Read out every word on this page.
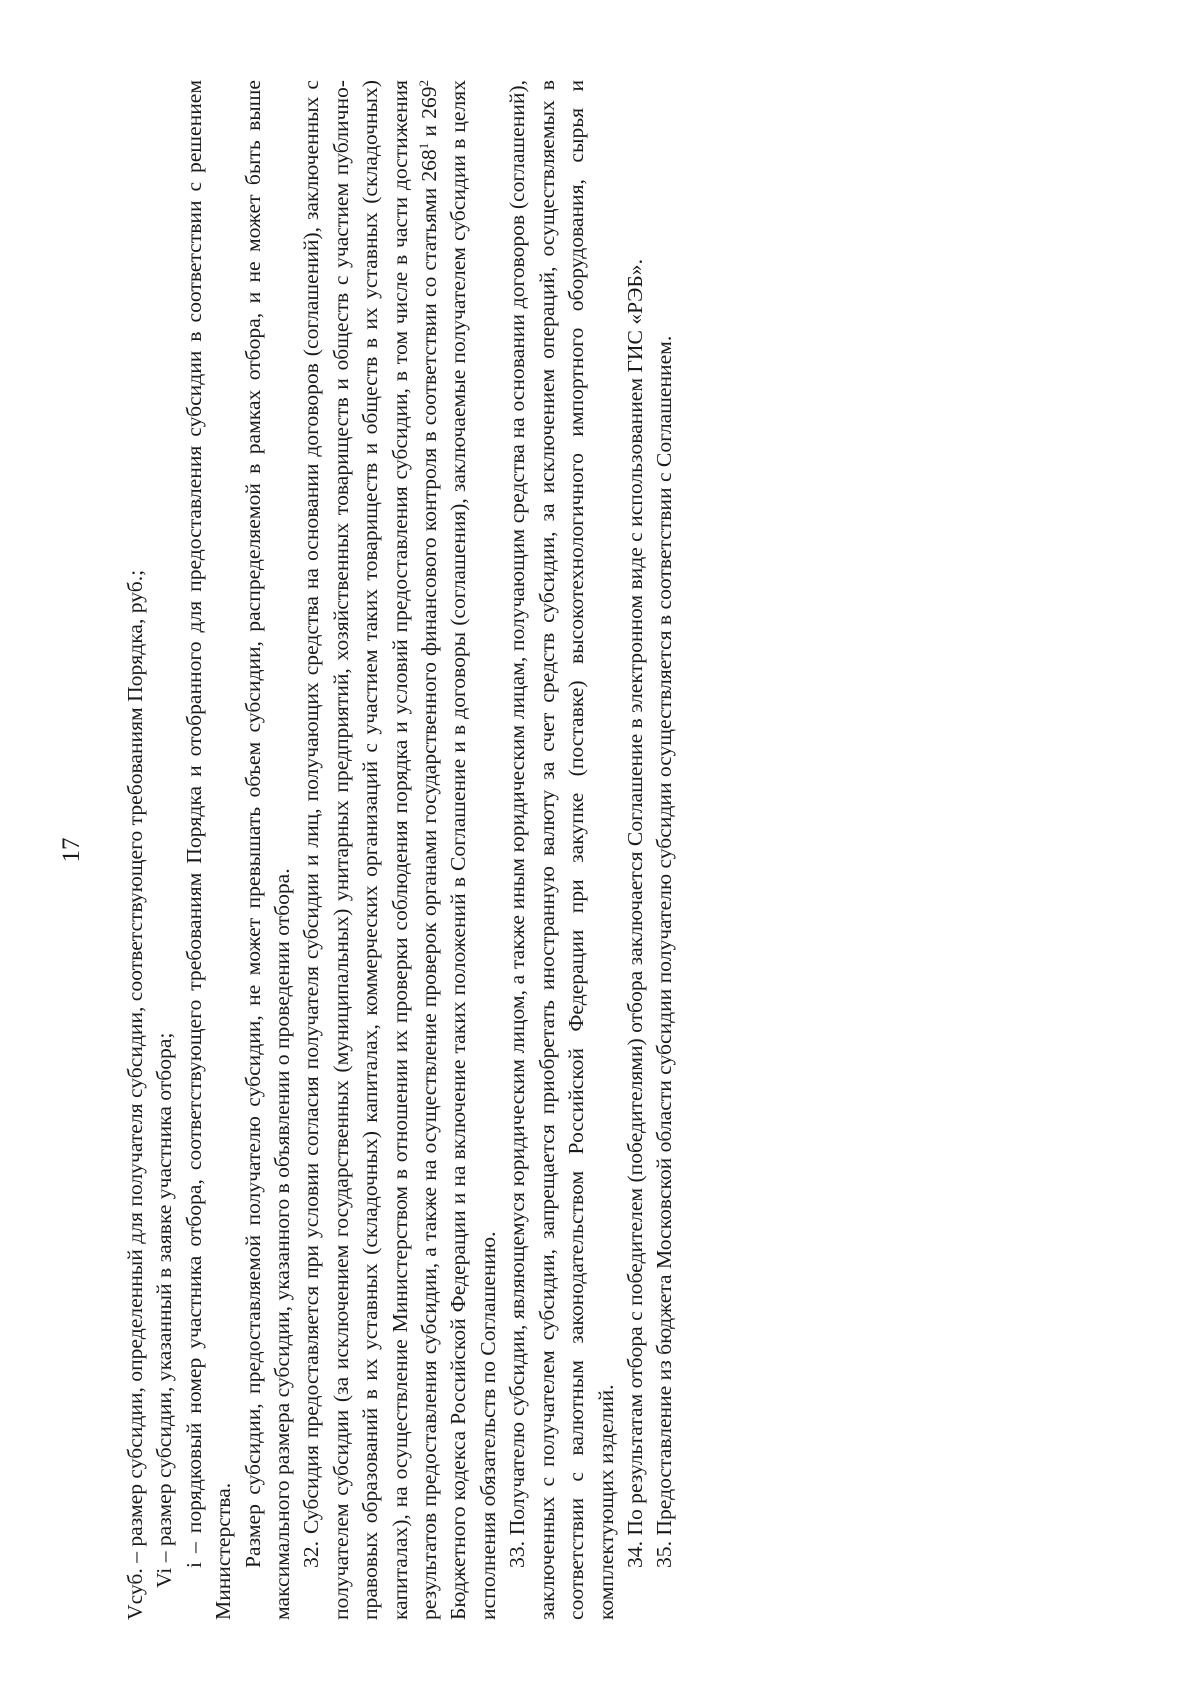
17 Vсуб. – размер субсидии, определенный для получателя субсидии, соответствующего требованиям Порядка, руб.; Vi – размер субсидии, указанный в заявке участника отбора; i – порядковый номер участника отбора, соответствующего требованиям Порядка и отобранного для предоставления субсидии в соответствии с решением Министерства. Размер субсидии, предоставляемой получателю субсидии, не может превышать объем субсидии, распределяемой в рамках отбора, и не может быть выше максимального размера субсидии, указанного в объявлении о проведении отбора. 32. Субсидия предоставляется при условии согласия получателя субсидии и лиц, получающих средства на основании договоров (соглашений), заключенных с получателем субсидии (за исключением государственных (муниципальных) унитарных предприятий, хозяйственных товариществ и обществ с участием публично-правовых образований в их уставных (складочных) капиталах, коммерческих организаций с участием таких товариществ и обществ в их уставных (складочных) капиталах), на осуществление Министерством в отношении их проверки соблюдения порядка и условий предоставления субсидии, в том числе в части достижения результатов предоставления субсидии, а также на осуществление проверок органами государственного финансового контроля в соответствии со статьями $268^1$ и $269^2$ Бюджетного кодекса Российской Федерации и на включение таких положений в Соглашение и в договоры (соглашения), заключаемые получателем субсидии в целях исполнения обязательств по Соглашению. 33. Получателю субсидии, являющемуся юридическим лицом, а также иным юридическим лицам, получающим средства на основании договоров (соглашений), заключенных с получателем субсидии, запрещается приобретать иностранную валюту за счет средств субсидии, за исключением операций, осуществляемых в соответствии с валютным законодательством Российской Федерации при закупке (поставке) высокотехнологичного импортного оборудования, сырья и комплектующих изделий. 34. По результатам отбора с победителем (победителями) отбора заключается Соглашение в электронном виде с использованием ГИС «РЭБ». 35. Предоставление из бюджета Московской области субсидии получателю субсидии осуществляется в соответствии с Соглашением.
